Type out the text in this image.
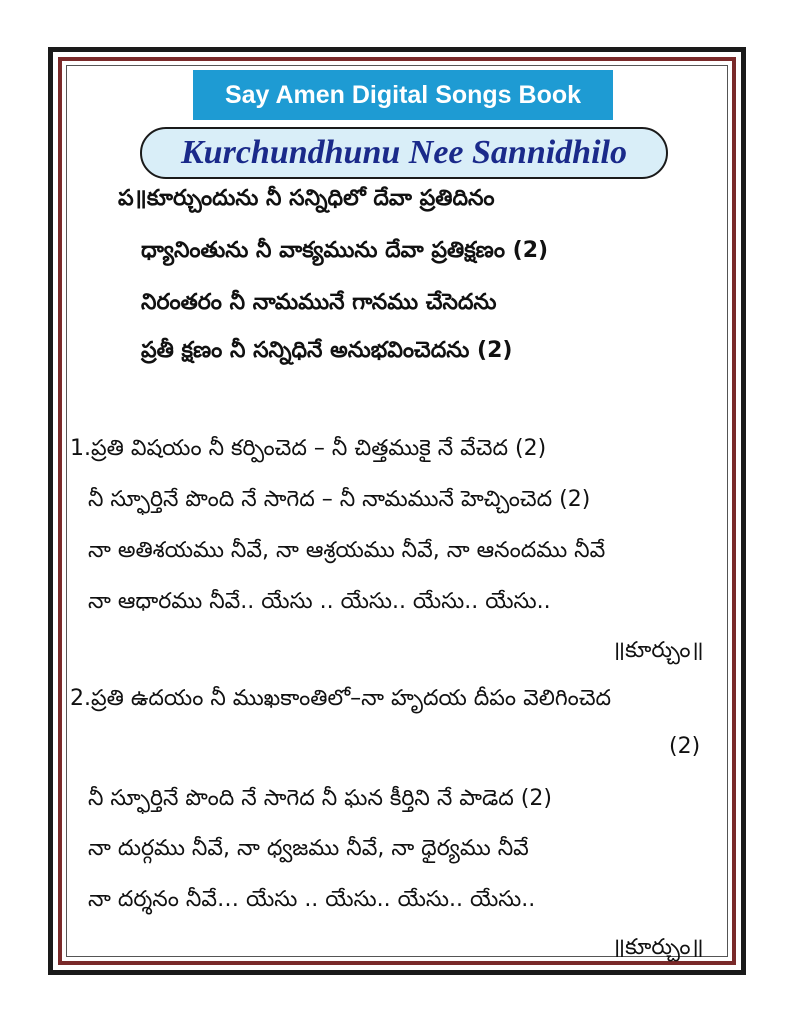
Say Amen Digital Songs Book
Kurchundhunu Nee Sannidhilo
ప॥కూర్చుందును నీ సన్నిధిలో దేవా ప్రతిదినం
ధ్యానింతును నీ వాక్యమును దేవా ప్రతిక్షణం (2)
నిరంతరం నీ నామమునే గానము చేసెదను
ప్రతీ క్షణం నీ సన్నిధినే అనుభవించెదను (2)
1.ప్రతి విషయం నీ కర్పించెద – నీ చిత్తముకై నే వేచెద (2)
నీ స్ఫూర్తినే పొంది నే సాగెద – నీ నామమునే హెచ్చించెద (2)
నా అతిశయము నీవే, నా ఆశ్రయము నీవే, నా ఆనందము నీవే
నా ఆధారము నీవే.. యేసు .. యేసు.. యేసు.. యేసు..
॥కూర్చుం॥
2.ప్రతి ఉదయం నీ ముఖకాంతిలో–నా హృదయ దీపం వెలిగించెద
(2)
నీ స్ఫూర్తినే పొంది నే సాగెద నీ ఘన కీర్తిని నే పాడెద (2)
నా దుర్గము నీవే, నా ధ్వజము నీవే, నా ధైర్యము నీవే
నా దర్శనం నీవే… యేసు .. యేసు.. యేసు.. యేసు..
॥కూర్చుం॥
